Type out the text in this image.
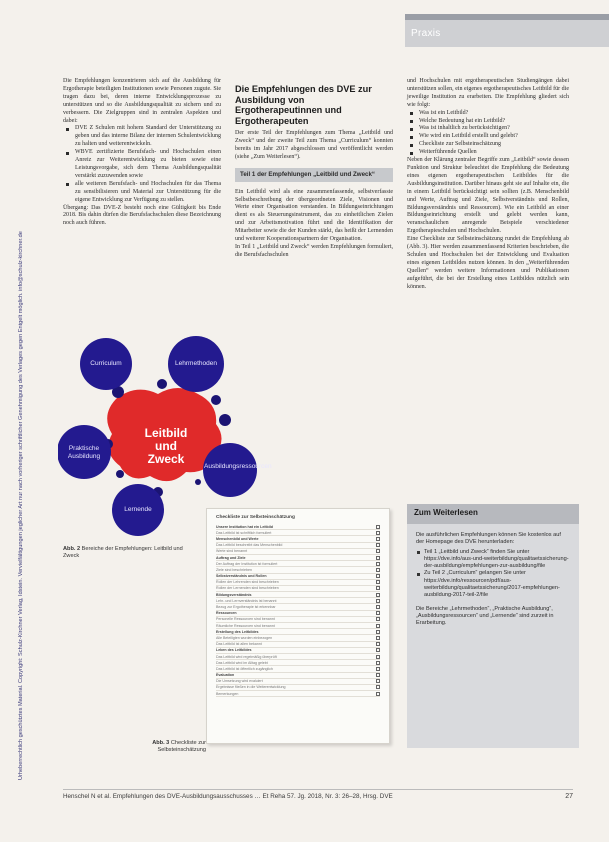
Praxis
Urheberrechtlich geschütztes Material. Copyright: Schulz-Kirchner Verlag, Idstein. Vervielfältigungen jeglicher Art nur nach vorheriger schriftlicher Genehmigung des Verlages gegen Entgelt möglich. info@schulz-kirchner.de

Die Empfehlungen konzentrieren sich auf die Ausbildung für Ergotherapie beteiligten Institutionen sowie Personen zugute. Sie tragen dazu bei, deren interne Entwicklungsprozesse zu unterstützen und so die Ausbildungsqualität zu sichern und zu verbessern. Die Zielgruppen sind in zentralen Aspekten und dabei:

DVE Z Schulen mit hohem Standard der Unterstützung zu geben und das interne Bilanz der internen Schulentwicklung zu halten und weiterentwickeln.
WBVE zertifizierte Berufsfach- und Hochschulen einen Anreiz zur Weiterentwicklung zu bieten sowie eine Leistungsvorgabe, sich dem Thema Ausbildungsqualität verstärkt zuzuwenden sowie
alle weiteren Berufsfach- und Hochschulen für das Thema zu sensibilisieren und Material zur Unterstützung für die eigene Entwicklung zur Verfügung zu stellen.

Übergang: Das DVE-Z besteht noch eine Gültigkeit bis Ende 2018. Bis dahin dürfen die Berufsfachschulen diese Bezeichnung noch auch führen.

Die Empfehlungen des DVE zur Ausbildung von Ergotherapeutinnen und Ergotherapeuten

Der erste Teil der Empfehlungen zum Thema „Leitbild und Zweck“ und der zweite Teil zum Thema „Curriculum“ konnten bereits im Jahr 2017 abgeschlossen und veröffentlicht werden (siehe „Zum Weiterlesen“).

Teil 1 der Empfehlungen „Leitbild und Zweck“

Ein Leitbild wird als eine zusammenfassende, selbstverfasste Selbstbeschreibung der übergeordneten Ziele, Visionen und Werte einer Organisation verstanden. In Bildungseinrichtungen dient es als Steuerungsinstrument, das zu einheitlichen Zielen und zur Arbeitsmotivation führt und die Identifikation der Mitarbeiter sowie die der Kunden stärkt, das heißt der Lernenden und weiterer Kooperationspartnern der Organisation.

In Teil 1 „Leitbild und Zweck“ werden Empfehlungen formuliert, die Berufsfachschulen

und Hochschulen mit ergotherapeutischen Studiengängen dabei unterstützen sollen, ein eigenes ergotherapeutisches Leitbild für die jeweilige Institution zu erarbeiten. Die Empfehlung gliedert sich wie folgt:

Was ist ein Leitbild?
Welche Bedeutung hat ein Leitbild?
Was ist inhaltlich zu berücksichtigen?
Wie wird ein Leitbild erstellt und gelebt?
Checkliste zur Selbsteinschätzung
Weiterführende Quellen

Neben der Klärung zentraler Begriffe zum „Leitbild“ sowie dessen Funktion und Struktur beleuchtet die Empfehlung die Bedeutung eines eigenen ergotherapeutischen Leitbildes für die Ausbildungsinstitution. Darüber hinaus geht sie auf Inhalte ein, die in einem Leitbild berücksichtigt sein sollten (z.B. Menschenbild und Werte, Auftrag und Ziele, Selbstverständnis und Rollen, Bildungsverständnis und Ressourcen). Wie ein Leitbild an einer Bildungseinrichtung erstellt und gelebt werden kann, veranschaulichen anregende Beispiele verschiedener Ergotherapieschulen und Hochschulen.

Eine Checkliste zur Selbsteinschätzung rundet die Empfehlung ab (Abb. 3). Hier werden zusammenfassend Kriterien beschrieben, die Schulen und Hochschulen bei der Entwicklung und Evaluation eines eigenen Leitbildes nutzen können. In den „Weiterführenden Quellen“ werden weitere Informationen und Publikationen aufgeführt, die bei der Erstellung eines Leitbildes nützlich sein können.

Curriculum	Lehrmethoden
Praktische Ausbildung
Ausbildungsressourcen
Lernende
Leitbild
und
Zweck
Abb. 2 Bereiche der Empfehlungen: Leitbild und Zweck
Checkliste zur Selbsteinschätzung
Unsere Institution hat ein Leitbild
Das Leitbild ist schriftlich formuliert
Menschenbild und Werte
Das Leitbild beschreibt das Menschenbild
Werte sind benannt
Auftrag und Ziele
Der Auftrag der Institution ist formuliert
Ziele sind beschrieben
Selbstverständnis und Rollen
Rollen der Lehrenden sind beschrieben
Rollen der Lernenden sind beschrieben
Bildungsverständnis
Lehr- und Lernverständnis ist benannt
Bezug zur Ergotherapie ist erkennbar
Ressourcen
Personelle Ressourcen sind benannt
Räumliche Ressourcen sind benannt
Erstellung des Leitbildes
Alle Beteiligten wurden einbezogen
Das Leitbild ist allen bekannt
Leben des Leitbildes
Das Leitbild wird regelmäßig überprüft
Das Leitbild wird im Alltag gelebt
Das Leitbild ist öffentlich zugänglich
Evaluation
Die Umsetzung wird evaluiert
Ergebnisse fließen in die Weiterentwicklung
Bemerkungen
Abb. 3 Checkliste zur Selbsteinschätzung
Zum Weiterlesen

Die ausführlichen Empfehlungen können Sie kostenlos auf der Homepage des DVE herunterladen:

Teil 1 „Leitbild und Zweck“ finden Sie unter https://dve.info/aus-und-weiterbildung/qualitaetssicherung-der-ausbildung/empfehlungen-zur-ausbildung/file
Zu Teil 2 „Curriculum“ gelangen Sie unter https://dve.info/ressourcen/pdf/aus-weiterbildung/qualitaetssicherung/2017-empfehlungen-ausbildung-2017-teil-2/file

Die Bereiche „Lehrmethoden“, „Praktische Ausbildung“, „Ausbildungsressourcen“ und „Lernende“ sind zurzeit in Erarbeitung.

Henschel N et al. Empfehlungen des DVE-Ausbildungsausschusses … Et Reha 57. Jg. 2018, Nr. 3: 26–28, Hrsg. DVE	27
